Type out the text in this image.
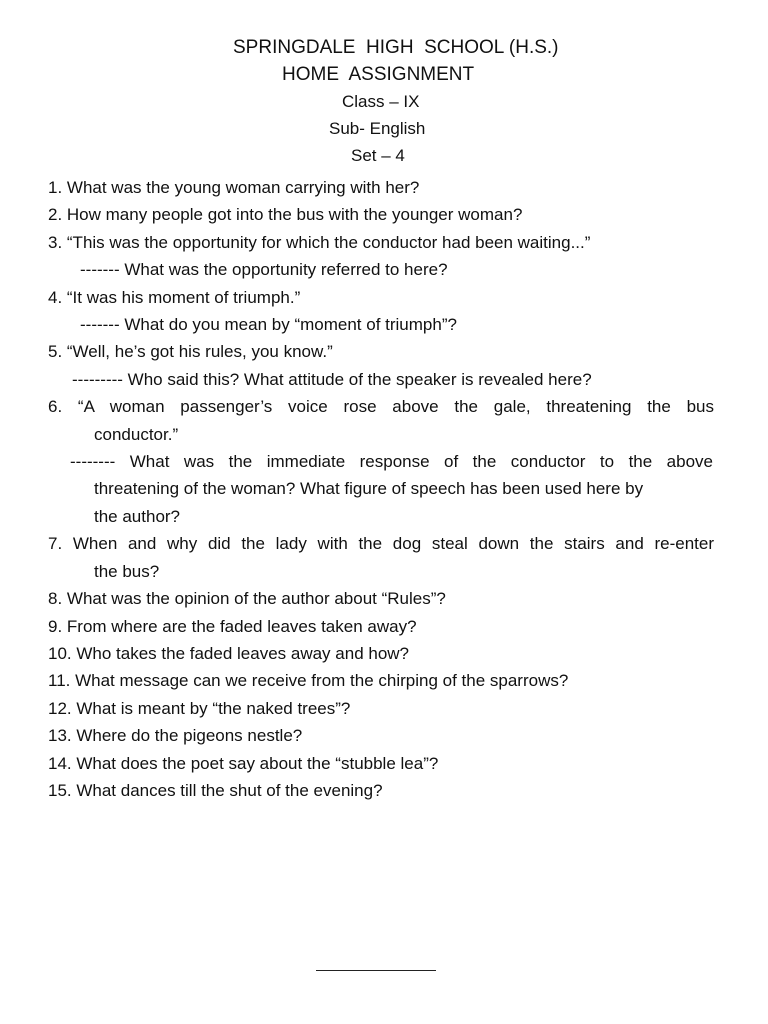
SPRINGDALE  HIGH  SCHOOL (H.S.)
HOME  ASSIGNMENT
Class – IX
Sub- English
Set – 4
1. What was the young woman carrying with her?
2. How many people got into the bus with the younger woman?
3. “This was the opportunity for which the conductor had been waiting...”
------- What was the opportunity referred to here?
4. “It was his moment of triumph.”
------- What do you mean by “moment of triumph”?
5. “Well, he’s got his rules, you know.”
--------- Who said this? What attitude of the speaker is revealed here?
6. “A woman passenger’s voice rose above the gale, threatening the bus
conductor.”
-------- What was the immediate response of the conductor to the above
threatening of the woman? What figure of speech has been used here by
the author?
7. When and why did the lady with the dog steal down the stairs and re-enter
the bus?
8. What was the opinion of the author about “Rules”?
9. From where are the faded leaves taken away?
10. Who takes the faded leaves away and how?
11. What message can we receive from the chirping of the sparrows?
12. What is meant by “the naked trees”?
13. Where do the pigeons nestle?
14. What does the poet say about the “stubble lea”?
15. What dances till the shut of the evening?
